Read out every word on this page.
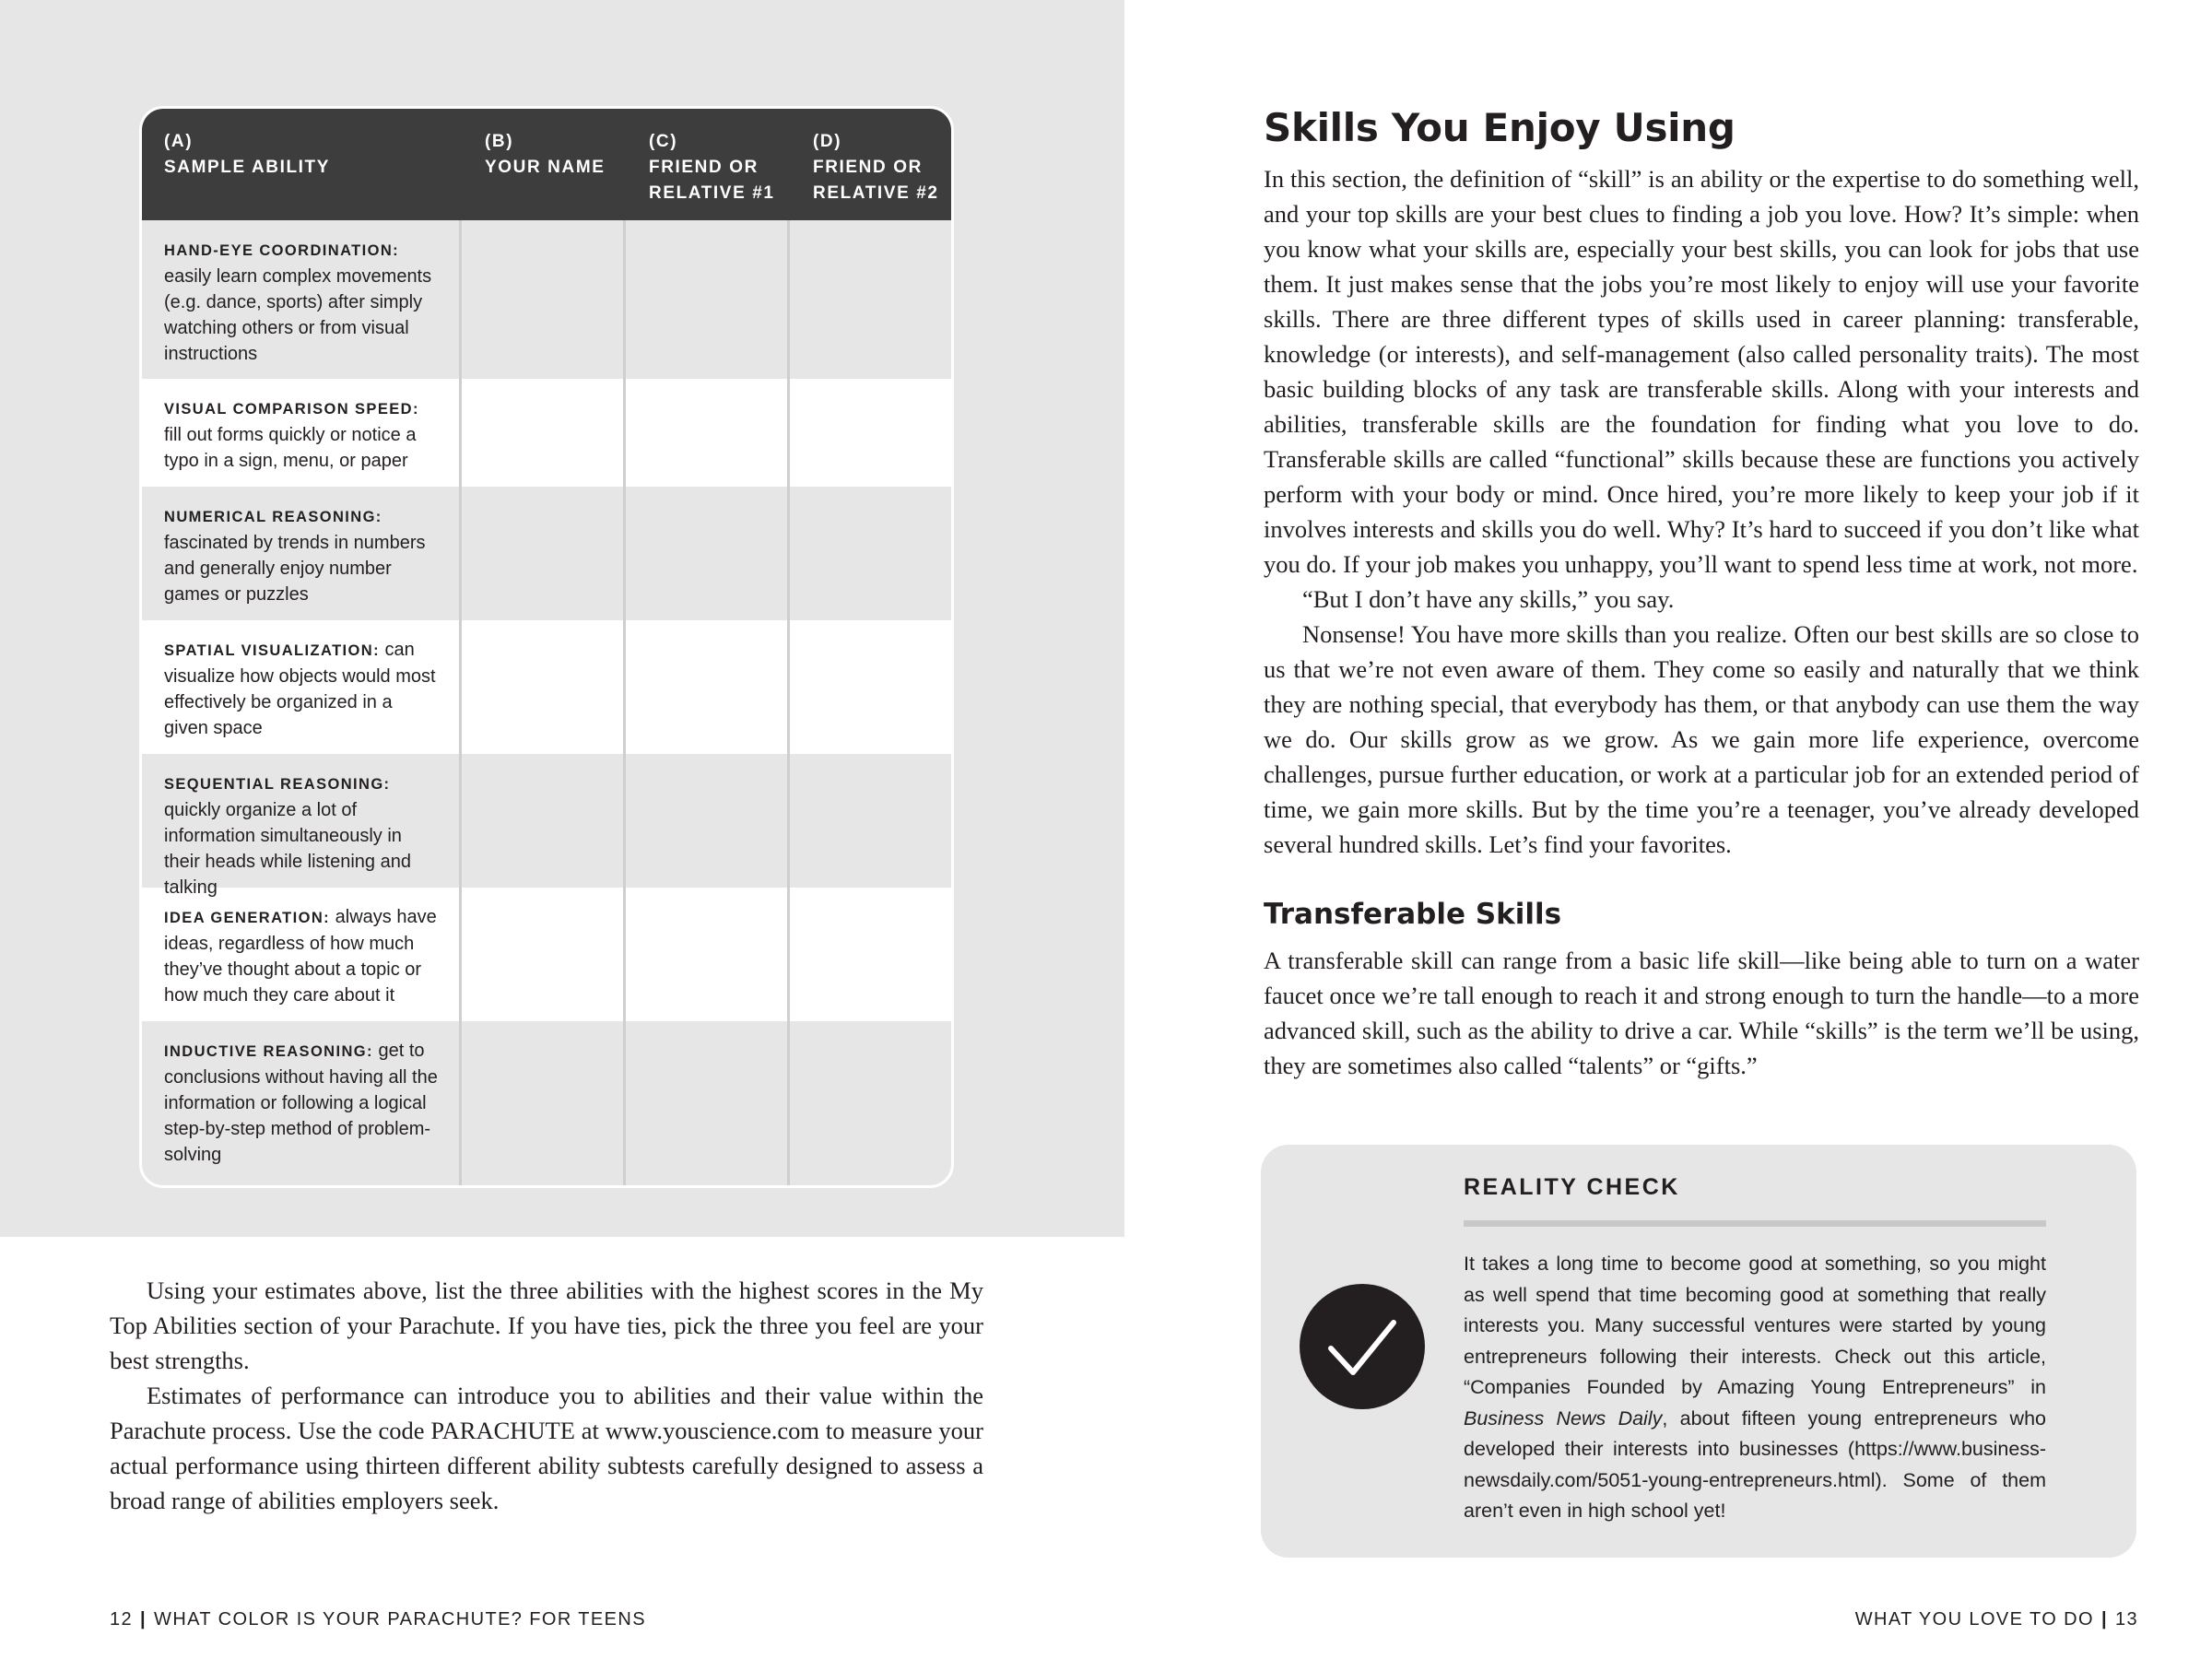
(A)
SAMPLE ABILITY
(B)
YOUR NAME
(C)
FRIEND OR
RELATIVE #1
(D)
FRIEND OR
RELATIVE #2
HAND-EYE COORDINATION: easily learn complex movements (e.g. dance, sports) after simply watching others or from visual instructions
VISUAL COMPARISON SPEED: fill out forms quickly or notice a typo in a sign, menu, or paper
NUMERICAL REASONING: fascinated by trends in numbers and generally enjoy number games or puzzles
SPATIAL VISUALIZATION: can visualize how objects would most effectively be organized in a given space
SEQUENTIAL REASONING: quickly organize a lot of information simultaneously in their heads while listening and talking
IDEA GENERATION: always have ideas, regardless of how much they’ve thought about a topic or how much they care about it
INDUCTIVE REASONING: get to conclusions without having all the information or following a logical step-by-step method of problem-solving

Using your estimates above, list the three abilities with the highest scores in the My Top Abilities section of your Parachute. If you have ties, pick the three you feel are your best strengths.

Estimates of performance can introduce you to abilities and their value within the Parachute process. Use the code PARACHUTE at www.youscience.com to measure your actual performance using thirteen different ability subtests carefully designed to assess a broad range of abilities employers seek.

Skills You Enjoy Using

In this section, the definition of “skill” is an ability or the expertise to do something well, and your top skills are your best clues to finding a job you love. How? It’s simple: when you know what your skills are, especially your best skills, you can look for jobs that use them. It just makes sense that the jobs you’re most likely to enjoy will use your favorite skills. There are three different types of skills used in career planning: transferable, knowledge (or interests), and self-management (also called personality traits). The most basic building blocks of any task are transferable skills. Along with your interests and abilities, transferable skills are the foundation for finding what you love to do. Transferable skills are called “functional” skills because these are functions you actively perform with your body or mind. Once hired, you’re more likely to keep your job if it involves interests and skills you do well. Why? It’s hard to succeed if you don’t like what you do. If your job makes you unhappy, you’ll want to spend less time at work, not more.

“But I don’t have any skills,” you say.

Nonsense! You have more skills than you realize. Often our best skills are so close to us that we’re not even aware of them. They come so easily and naturally that we think they are nothing special, that everybody has them, or that anybody can use them the way we do. Our skills grow as we grow. As we gain more life experience, overcome challenges, pursue further education, or work at a particular job for an extended period of time, we gain more skills. But by the time you’re a teenager, you’ve already developed several hundred skills. Let’s find your favorites.

Transferable Skills

A transferable skill can range from a basic life skill—like being able to turn on a water faucet once we’re tall enough to reach it and strong enough to turn the handle—to a more advanced skill, such as the ability to drive a car. While “skills” is the term we’ll be using, they are sometimes also called “talents” or “gifts.”

REALITY CHECK

It takes a long time to become good at something, so you might as well spend that time becoming good at something that really interests you. Many successful ventures were started by young entrepreneurs following their interests. Check out this article, “Companies Founded by Amazing Young Entrepreneurs” in Business News Daily, about fifteen young entrepreneurs who developed their interests into businesses (https://www.business-newsdaily.com/5051-young-entrepreneurs.html). Some of them aren’t even in high school yet!

12 | WHAT COLOR IS YOUR PARACHUTE? FOR TEENS	WHAT YOU LOVE TO DO | 13
